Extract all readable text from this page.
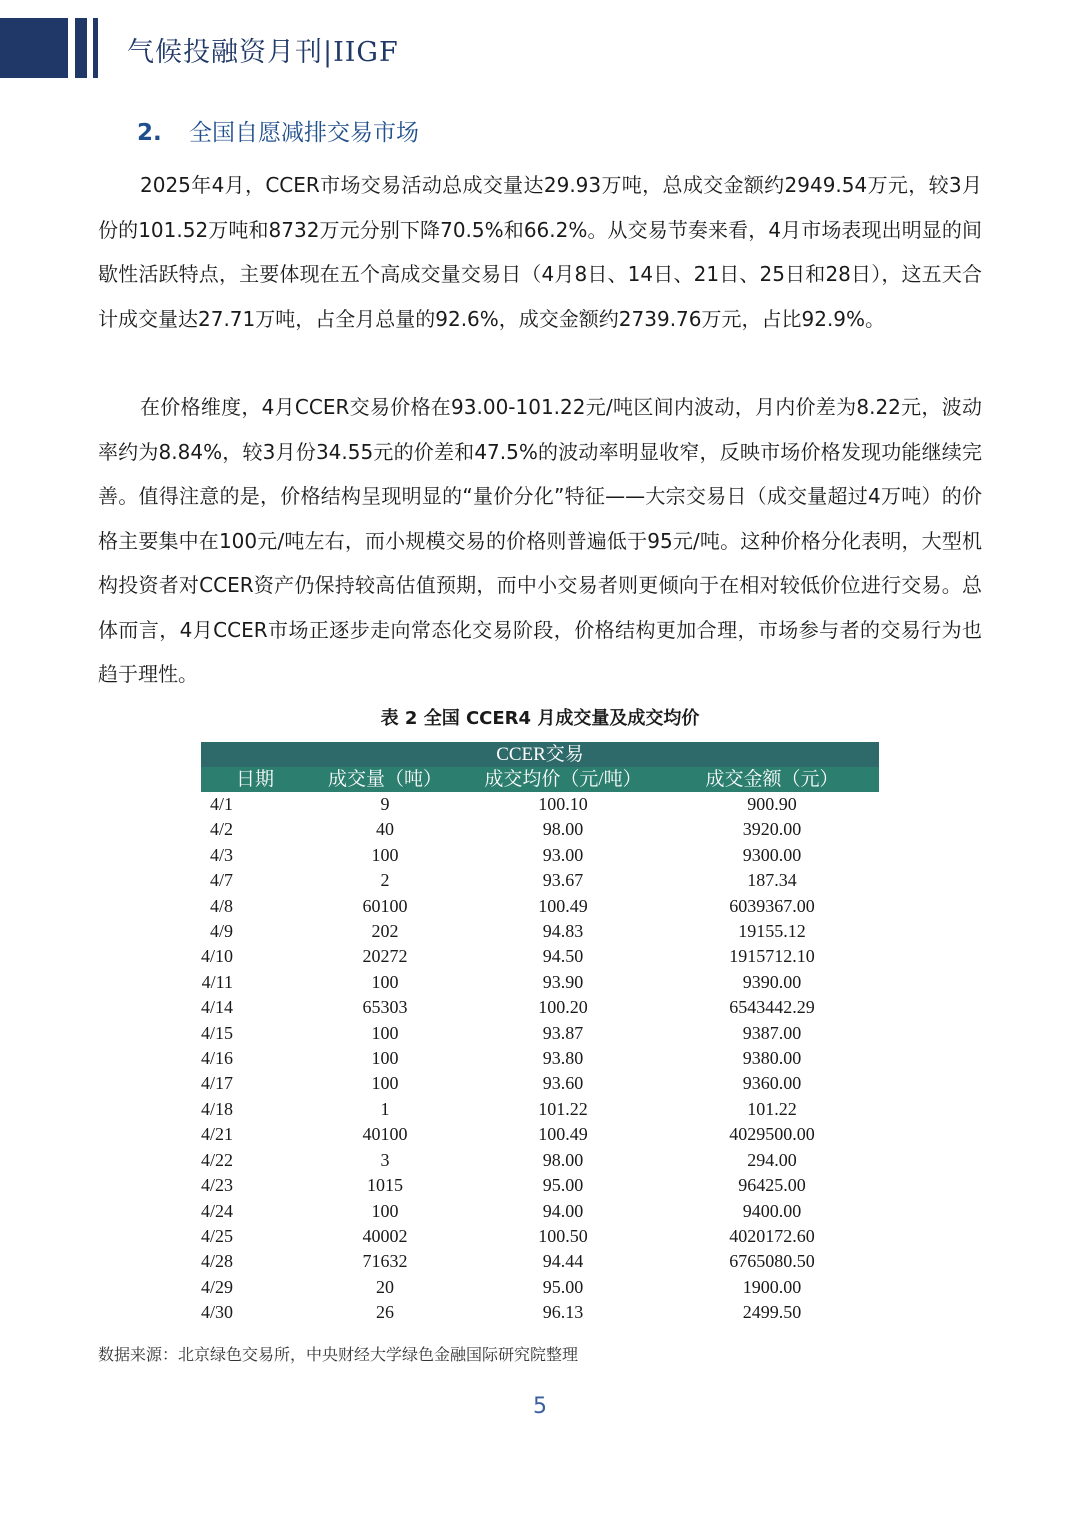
气候投融资月刊|IIGF
2. 全国自愿减排交易市场

2025年4月，CCER市场交易活动总成交量达29.93万吨，总成交金额约2949.54万元，较3月份的101.52万吨和8732万元分别下降70.5%和66.2%。从交易节奏来看，4月市场表现出明显的间歇性活跃特点，主要体现在五个高成交量交易日（4月8日、14日、21日、25日和28日），这五天合计成交量达27.71万吨，占全月总量的92.6%，成交金额约2739.76万元，占比92.9%。

在价格维度，4月CCER交易价格在93.00-101.22元/吨区间内波动，月内价差为8.22元，波动率约为8.84%，较3月份34.55元的价差和47.5%的波动率明显收窄，反映市场价格发现功能继续完善。值得注意的是，价格结构呈现明显的“量价分化”特征——大宗交易日（成交量超过4万吨）的价格主要集中在100元/吨左右，而小规模交易的价格则普遍低于95元/吨。这种价格分化表明，大型机构投资者对CCER资产仍保持较高估值预期，而中小交易者则更倾向于在相对较低价位进行交易。总体而言，4月CCER市场正逐步走向常态化交易阶段，价格结构更加合理，市场参与者的交易行为也趋于理性。

表 2 全国 CCER4 月成交量及成交均价
CCER交易			
日期	成交量（吨）	成交均价（元/吨）	成交金额（元）
4/1	9	100.10	900.90
4/2	40	98.00	3920.00
4/3	100	93.00	9300.00
4/7	2	93.67	187.34
4/8	60100	100.49	6039367.00
4/9	202	94.83	19155.12
4/10	20272	94.50	1915712.10
4/11	100	93.90	9390.00
4/14	65303	100.20	6543442.29
4/15	100	93.87	9387.00
4/16	100	93.80	9380.00
4/17	100	93.60	9360.00
4/18	1	101.22	101.22
4/21	40100	100.49	4029500.00
4/22	3	98.00	294.00
4/23	1015	95.00	96425.00
4/24	100	94.00	9400.00
4/25	40002	100.50	4020172.60
4/28	71632	94.44	6765080.50
4/29	20	95.00	1900.00
4/30	26	96.13	2499.50
数据来源：北京绿色交易所，中央财经大学绿色金融国际研究院整理
5
